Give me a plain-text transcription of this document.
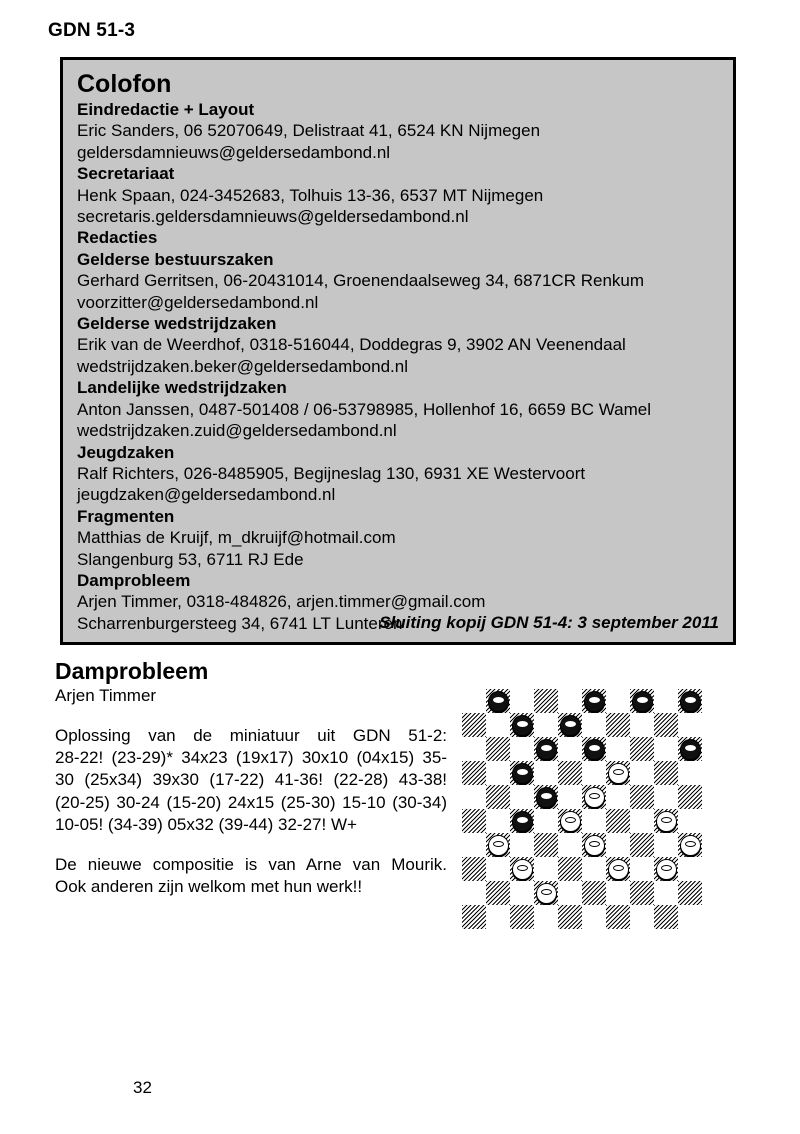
GDN 51-3
Colofon
Eindredactie + Layout
Eric Sanders, 06 52070649, Delistraat 41, 6524 KN Nijmegen
geldersdamnieuws@geldersedambond.nl
Secretariaat
Henk Spaan, 024-3452683, Tolhuis 13-36, 6537 MT Nijmegen
secretaris.geldersdamnieuws@geldersedambond.nl
Redacties
Gelderse bestuurszaken
Gerhard Gerritsen, 06-20431014, Groenendaalseweg 34, 6871CR Renkum
voorzitter@geldersedambond.nl
Gelderse wedstrijdzaken
Erik van de Weerdhof, 0318-516044, Doddegras 9, 3902 AN Veenendaal
wedstrijdzaken.beker@geldersedambond.nl
Landelijke wedstrijdzaken
Anton Janssen, 0487-501408 / 06-53798985, Hollenhof 16, 6659 BC Wamel
wedstrijdzaken.zuid@geldersedambond.nl
Jeugdzaken
Ralf Richters, 026-8485905, Begijneslag 130, 6931 XE Westervoort
jeugdzaken@geldersedambond.nl
Fragmenten
Matthias de Kruijf, m_dkruijf@hotmail.com
Slangenburg 53, 6711 RJ Ede
Damprobleem
Arjen Timmer, 0318-484826, arjen.timmer@gmail.com
Scharrenburgersteeg 34, 6741 LT Lunteren
Sluiting kopij GDN 51-4: 3 september 2011
Damprobleem
Arjen Timmer
Oplossing van de miniatuur uit GDN 51-2:
28-22! (23-29)* 34x23 (19x17) 30x10 (04x15) 35-
30 (25x34) 39x30 (17-22) 41-36! (22-28) 43-38!
(20-25) 30-24 (15-20) 24x15 (25-30) 15-10 (30-34)
10-05! (34-39) 05x32 (39-44) 32-27! W+
De nieuwe compositie is van Arne van Mourik.
Ook anderen zijn welkom met hun werk!!
32
